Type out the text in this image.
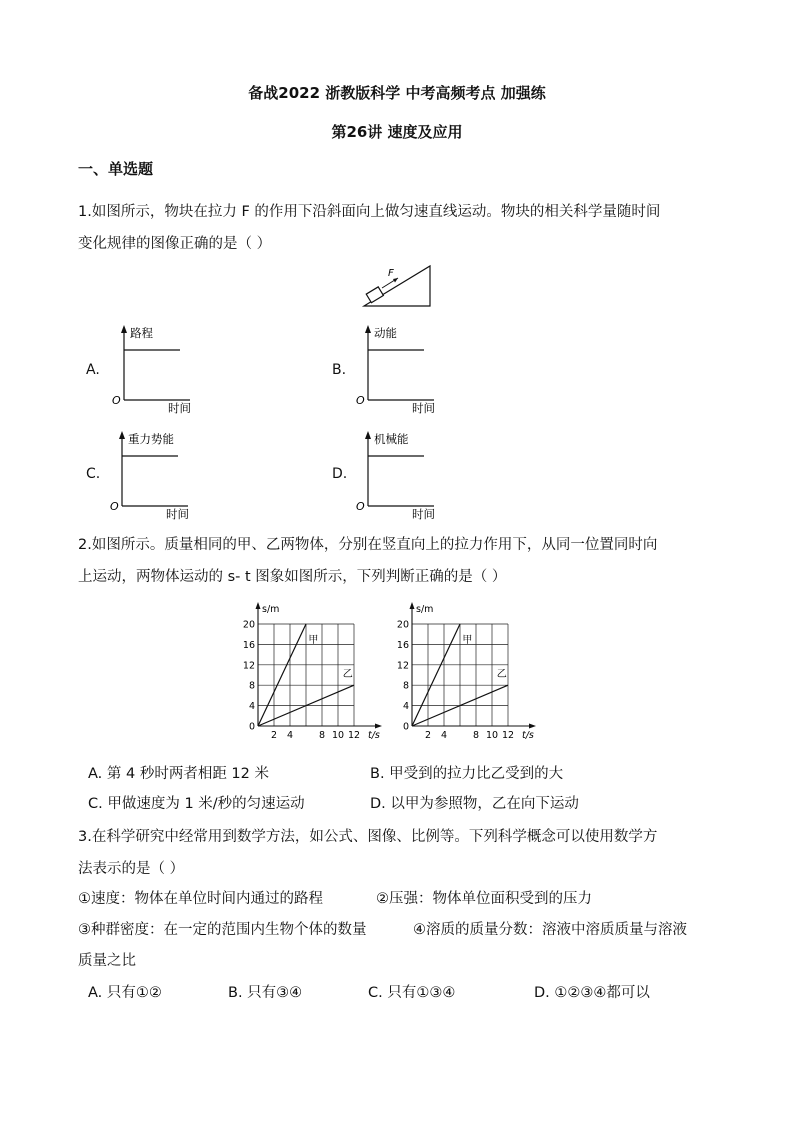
备战2022 浙教版科学 中考高频考点 加强练
第26讲 速度及应用
一、单选题
1.如图所示，物块在拉力 F 的作用下沿斜面向上做匀速直线运动。物块的相关科学量随时间
变化规律的图像正确的是（ ）
F
A.
路程
时间
O
B.
动能
时间
O
C.
重力势能
时间
O
D.
机械能
时间
O
2.如图所示。质量相同的甲、乙两物体，分别在竖直向上的拉力作用下，从同一位置同时向
上运动，两物体运动的 s- t 图象如图所示，下列判断正确的是（ ）
s/m
t/s
0
4
8
12
16
20
2 4	8 10 12
甲
乙
s/m
t/s
0
4
8
12
16
20
2 4	8 10 12
甲
乙
A. 第 4 秒时两者相距 12 米	B. 甲受到的拉力比乙受到的大
C. 甲做速度为 1 米/秒的匀速运动	D. 以甲为参照物，乙在向下运动
3.在科学研究中经常用到数学方法，如公式、图像、比例等。下列科学概念可以使用数学方
法表示的是（ ）
①速度：物体在单位时间内通过的路程	②压强：物体单位面积受到的压力
③种群密度：在一定的范围内生物个体的数量	④溶质的质量分数：溶液中溶质质量与溶液
质量之比
A. 只有①②	B. 只有③④	C. 只有①③④	D. ①②③④都可以
